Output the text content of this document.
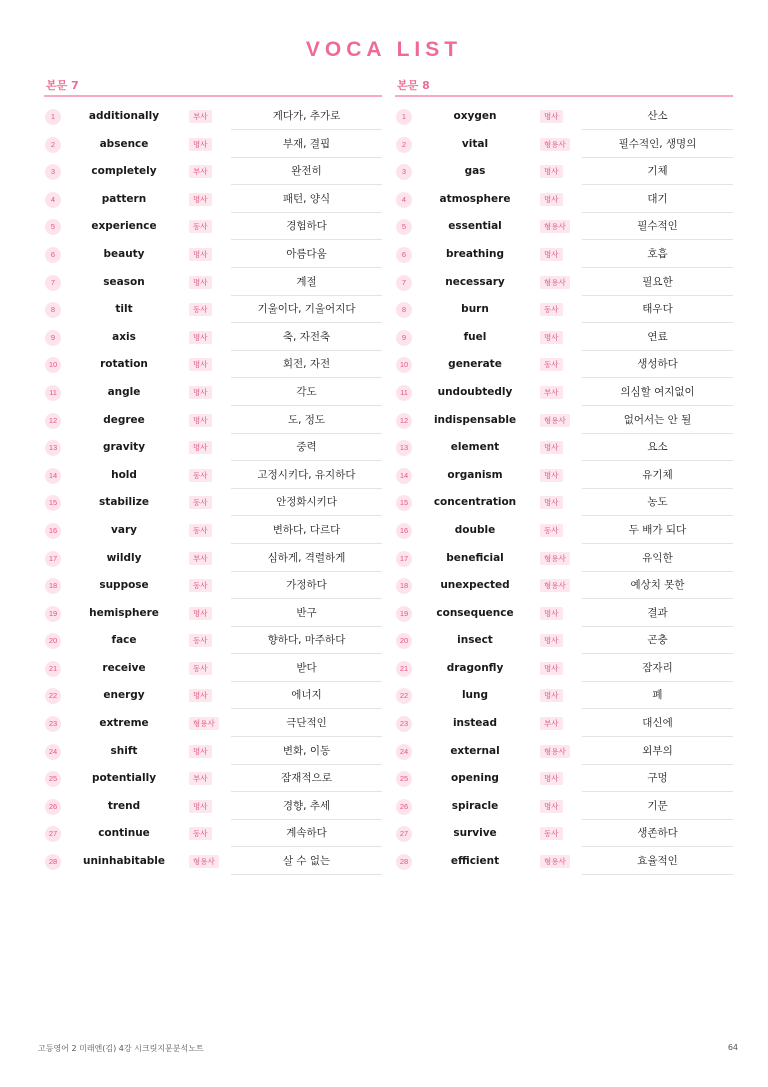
VOCA LIST
본문 7
1	additionally	부사	게다가, 추가로
2	absence	명사	부재, 결핍
3	completely	부사	완전히
4	pattern	명사	패턴, 양식
5	experience	동사	경험하다
6	beauty	명사	아름다움
7	season	명사	계절
8	tilt	동사	기울이다, 기울어지다
9	axis	명사	축, 자전축
10	rotation	명사	회전, 자전
11	angle	명사	각도
12	degree	명사	도, 정도
13	gravity	명사	중력
14	hold	동사	고정시키다, 유지하다
15	stabilize	동사	안정화시키다
16	vary	동사	변하다, 다르다
17	wildly	부사	심하게, 격렬하게
18	suppose	동사	가정하다
19	hemisphere	명사	반구
20	face	동사	향하다, 마주하다
21	receive	동사	받다
22	energy	명사	에너지
23	extreme	형용사	극단적인
24	shift	명사	변화, 이동
25	potentially	부사	잠재적으로
26	trend	명사	경향, 추세
27	continue	동사	계속하다
28	uninhabitable	형용사	살 수 없는
본문 8
1	oxygen	명사	산소
2	vital	형용사	필수적인, 생명의
3	gas	명사	기체
4	atmosphere	명사	대기
5	essential	형용사	필수적인
6	breathing	명사	호흡
7	necessary	형용사	필요한
8	burn	동사	태우다
9	fuel	명사	연료
10	generate	동사	생성하다
11	undoubtedly	부사	의심할 여지없이
12	indispensable	형용사	없어서는 안 될
13	element	명사	요소
14	organism	명사	유기체
15	concentration	명사	농도
16	double	동사	두 배가 되다
17	beneficial	형용사	유익한
18	unexpected	형용사	예상치 못한
19	consequence	명사	결과
20	insect	명사	곤충
21	dragonfly	명사	잠자리
22	lung	명사	폐
23	instead	부사	대신에
24	external	형용사	외부의
25	opening	명사	구멍
26	spiracle	명사	기문
27	survive	동사	생존하다
28	efficient	형용사	효율적인
고등영어 2 미래엔(김) 4강 시크릿지문분석노트	64
